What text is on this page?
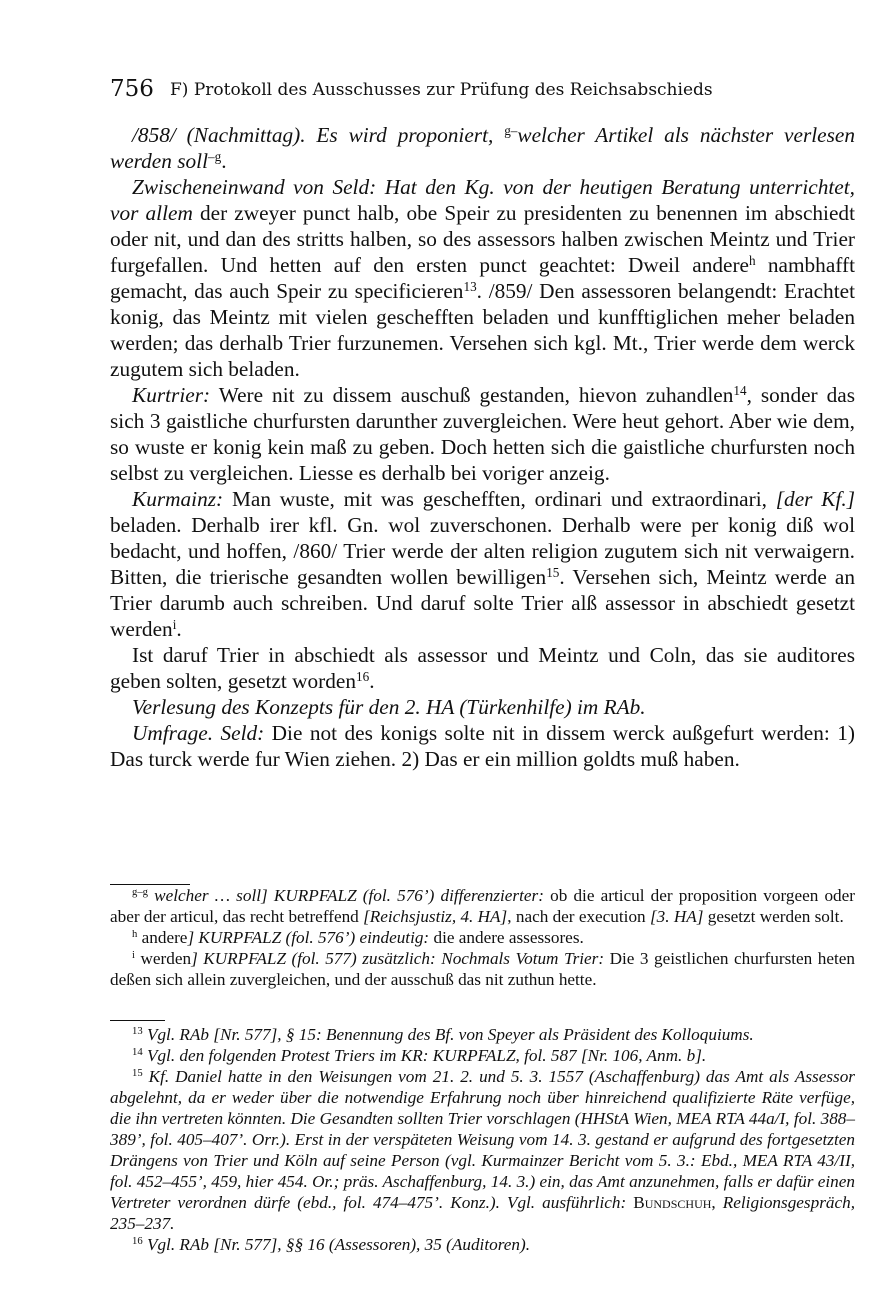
756 F) Protokoll des Ausschusses zur Prüfung des Reichsabschieds

/858/ (Nachmittag). Es wird proponiert, $^{g-}$welcher Artikel als nächster verlesen werden soll$^{-g}$.

Zwischeneinwand von Seld: Hat den Kg. von der heutigen Beratung unterrichtet, vor allem der zweyer punct halb, obe Speir zu presidenten zu benennen im abschiedt oder nit, und dan des stritts halben, so des assessors halben zwischen Meintz und Trier furgefallen. Und hetten auf den ersten punct geachtet: Dweil andere$^h$ nambhafft gemacht, das auch Speir zu specificieren$^{13}$. /859/ Den assessoren belangendt: Erachtet konig, das Meintz mit vielen geschefften beladen und kunfftiglichen meher beladen werden; das derhalb Trier furzunemen. Versehen sich kgl. Mt., Trier werde dem werck zugutem sich beladen.

Kurtrier: Were nit zu dissem auschuß gestanden, hievon zuhandlen$^{14}$, sonder das sich 3 gaistliche churfursten darunther zuvergleichen. Were heut gehort. Aber wie dem, so wuste er konig kein maß zu geben. Doch hetten sich die gaistliche churfursten noch selbst zu vergleichen. Liesse es derhalb bei voriger anzeig.

Kurmainz: Man wuste, mit was geschefften, ordinari und extraordinari, [der Kf.] beladen. Derhalb irer kfl. Gn. wol zuverschonen. Derhalb were per konig diß wol bedacht, und hoffen, /860/ Trier werde der alten religion zugutem sich nit verwaigern. Bitten, die trierische gesandten wollen bewilligen$^{15}$. Versehen sich, Meintz werde an Trier darumb auch schreiben. Und daruf solte Trier alß assessor in abschiedt gesetzt werden$^i$.

Ist daruf Trier in abschiedt als assessor und Meintz und Coln, das sie auditores geben solten, gesetzt worden$^{16}$.

Verlesung des Konzepts für den 2. HA (Türkenhilfe) im RAb.

Umfrage. Seld: Die not des konigs solte nit in dissem werck außgefurt werden: 1) Das turck werde fur Wien ziehen. 2) Das er ein million goldts muß haben.

$^{g-g}$ welcher … soll] KURPFALZ (fol. 576’) differenzierter: ob die articul der proposition vorgeen oder aber der articul, das recht betreffend [Reichsjustiz, 4. HA], nach der execution [3. HA] gesetzt werden solt.

$^h$ andere] KURPFALZ (fol. 576’) eindeutig: die andere assessores.

$^i$ werden] KURPFALZ (fol. 577) zusätzlich: Nochmals Votum Trier: Die 3 geistlichen churfursten heten deßen sich allein zuvergleichen, und der ausschuß das nit zuthun hette.

$^{13}$ Vgl. RAb [Nr. 577], § 15: Benennung des Bf. von Speyer als Präsident des Kolloquiums.

$^{14}$ Vgl. den folgenden Protest Triers im KR: KURPFALZ, fol. 587 [Nr. 106, Anm. b].

$^{15}$ Kf. Daniel hatte in den Weisungen vom 21. 2. und 5. 3. 1557 (Aschaffenburg) das Amt als Assessor abgelehnt, da er weder über die notwendige Erfahrung noch über hinreichend qualifizierte Räte verfüge, die ihn vertreten könnten. Die Gesandten sollten Trier vorschlagen (HHStA Wien, MEA RTA 44a/I, fol. 388–389’, fol. 405–407’. Orr.). Erst in der verspäteten Weisung vom 14. 3. gestand er aufgrund des fortgesetzten Drängens von Trier und Köln auf seine Person (vgl. Kurmainzer Bericht vom 5. 3.: Ebd., MEA RTA 43/II, fol. 452–455’, 459, hier 454. Or.; präs. Aschaffenburg, 14. 3.) ein, das Amt anzunehmen, falls er dafür einen Vertreter verordnen dürfe (ebd., fol. 474–475’. Konz.). Vgl. ausführlich: Bundschuh, Religionsgespräch, 235–237.

$^{16}$ Vgl. RAb [Nr. 577], §§ 16 (Assessoren), 35 (Auditoren).
